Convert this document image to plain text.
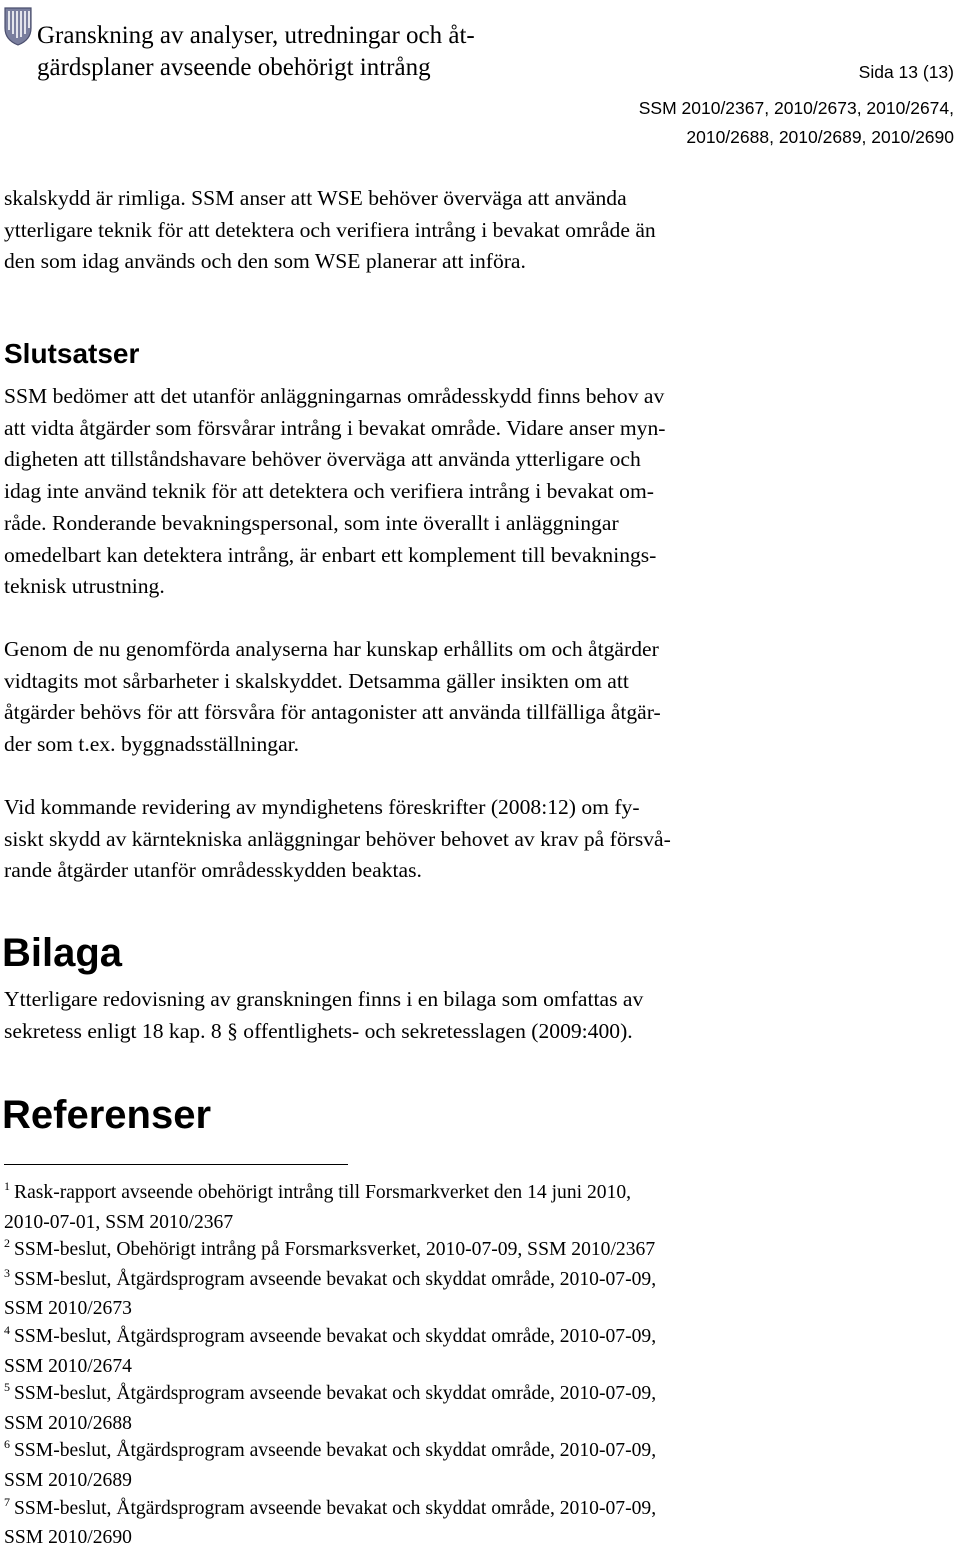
Granskning av analyser, utredningar och åt-
gärdsplaner avseende obehörigt intrång	Sida 13 (13)
SSM 2010/2367, 2010/2673, 2010/2674,
2010/2688, 2010/2689, 2010/2690
skalskydd är rimliga. SSM anser att WSE behöver överväga att använda
ytterligare teknik för att detektera och verifiera intrång i bevakat område än
den som idag används och den som WSE planerar att införa.
Slutsatser
SSM bedömer att det utanför anläggningarnas områdesskydd finns behov av
att vidta åtgärder som försvårar intrång i bevakat område. Vidare anser myn-
digheten att tillståndshavare behöver överväga att använda ytterligare och
idag inte använd teknik för att detektera och verifiera intrång i bevakat om-
råde. Ronderande bevakningspersonal, som inte överallt i anläggningar
omedelbart kan detektera intrång, är enbart ett komplement till bevaknings-
teknisk utrustning.
Genom de nu genomförda analyserna har kunskap erhållits om och åtgärder
vidtagits mot sårbarheter i skalskyddet. Detsamma gäller insikten om att
åtgärder behövs för att försvåra för antagonister att använda tillfälliga åtgär-
der som t.ex. byggnadsställningar.
Vid kommande revidering av myndighetens föreskrifter (2008:12) om fy-
siskt skydd av kärntekniska anläggningar behöver behovet av krav på försvå-
rande åtgärder utanför områdesskydden beaktas.
Bilaga
Ytterligare redovisning av granskningen finns i en bilaga som omfattas av
sekretess enligt 18 kap. 8 § offentlighets- och sekretesslagen (2009:400).
Referenser
$^1$ Rask-rapport avseende obehörigt intrång till Forsmarkverket den 14 juni 2010,
2010-07-01, SSM 2010/2367
$^2$ SSM-beslut, Obehörigt intrång på Forsmarksverket, 2010-07-09, SSM 2010/2367
$^3$ SSM-beslut, Åtgärdsprogram avseende bevakat och skyddat område, 2010-07-09,
SSM 2010/2673
$^4$ SSM-beslut, Åtgärdsprogram avseende bevakat och skyddat område, 2010-07-09,
SSM 2010/2674
$^5$ SSM-beslut, Åtgärdsprogram avseende bevakat och skyddat område, 2010-07-09,
SSM 2010/2688
$^6$ SSM-beslut, Åtgärdsprogram avseende bevakat och skyddat område, 2010-07-09,
SSM 2010/2689
$^7$ SSM-beslut, Åtgärdsprogram avseende bevakat och skyddat område, 2010-07-09,
SSM 2010/2690
